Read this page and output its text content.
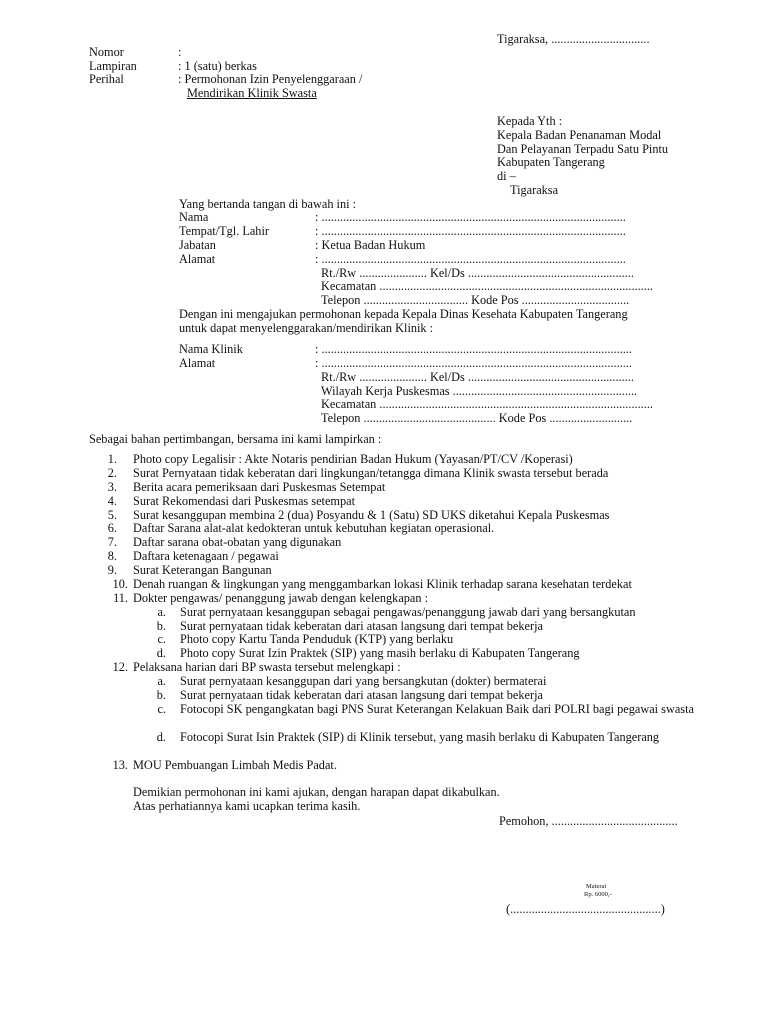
Tigaraksa, ................................
Nomor	:
Lampiran	: 1 (satu) berkas
Perihal	: Permohonan Izin Penyelenggaraan /
Mendirikan Klinik Swasta
Kepada Yth :
Kepala Badan Penanaman Modal
Dan Pelayanan Terpadu Satu Pintu
Kabupaten Tangerang
di –
Tigaraksa
Yang bertanda tangan di bawah ini :
Nama	: ...................................................................................................
Tempat/Tgl. Lahir	: ...................................................................................................
Jabatan	: Ketua Badan Hukum
Alamat	: ...................................................................................................
Rt./Rw ...................... Kel/Ds ......................................................
Kecamatan .........................................................................................
Telepon .................................. Kode Pos ...................................
Dengan ini mengajukan permohonan kepada Kepala Dinas Kesehata Kabupaten Tangerang
untuk dapat menyelenggarakan/mendirikan Klinik :
Nama Klinik	: .....................................................................................................
Alamat	: .....................................................................................................
Rt./Rw ...................... Kel/Ds ......................................................
Wilayah Kerja Puskesmas ............................................................
Kecamatan .........................................................................................
Telepon ........................................... Kode Pos ...........................
Sebagai bahan pertimbangan, bersama ini kami lampirkan :
1. Photo copy Legalisir : Akte Notaris pendirian Badan Hukum (Yayasan/PT/CV /Koperasi)
2. Surat Pernyataan tidak keberatan dari lingkungan/tetangga dimana Klinik swasta tersebut berada
3. Berita acara pemeriksaan dari Puskesmas Setempat
4. Surat Rekomendasi dari Puskesmas setempat
5. Surat kesanggupan membina 2 (dua) Posyandu & 1 (Satu) SD UKS diketahui Kepala Puskesmas
6. Daftar Sarana alat-alat kedokteran untuk kebutuhan kegiatan operasional.
7. Daftar sarana obat-obatan yang digunakan
8. Daftara ketenagaan / pegawai
9. Surat Keterangan Bangunan
10. Denah ruangan & lingkungan yang menggambarkan lokasi Klinik terhadap sarana kesehatan terdekat
11. Dokter pengawas/ penanggung jawab dengan kelengkapan :
a. Surat pernyataan kesanggupan sebagai pengawas/penanggung jawab dari yang bersangkutan
b. Surat pernyataan tidak keberatan dari atasan langsung dari tempat bekerja
c. Photo copy Kartu Tanda Penduduk (KTP) yang berlaku
d. Photo copy Surat Izin Praktek (SIP) yang masih berlaku di Kabupaten Tangerang
12. Pelaksana harian dari BP swasta tersebut melengkapi :
a. Surat pernyataan kesanggupan dari yang bersangkutan (dokter) bermaterai
b. Surat pernyataan tidak keberatan dari atasan langsung dari tempat bekerja
c. Fotocopi SK pengangkatan bagi PNS Surat Keterangan Kelakuan Baik dari POLRI bagi pegawai swasta
d. Fotocopi Surat Isin Praktek (SIP) di Klinik tersebut, yang masih berlaku di Kabupaten Tangerang
13. MOU Pembuangan Limbah Medis Padat.
Demikian permohonan ini kami ajukan, dengan harapan dapat dikabulkan.
Atas perhatiannya kami ucapkan terima kasih.
Pemohon, .........................................
Materai
Rp. 6000,-
(.................................................)
